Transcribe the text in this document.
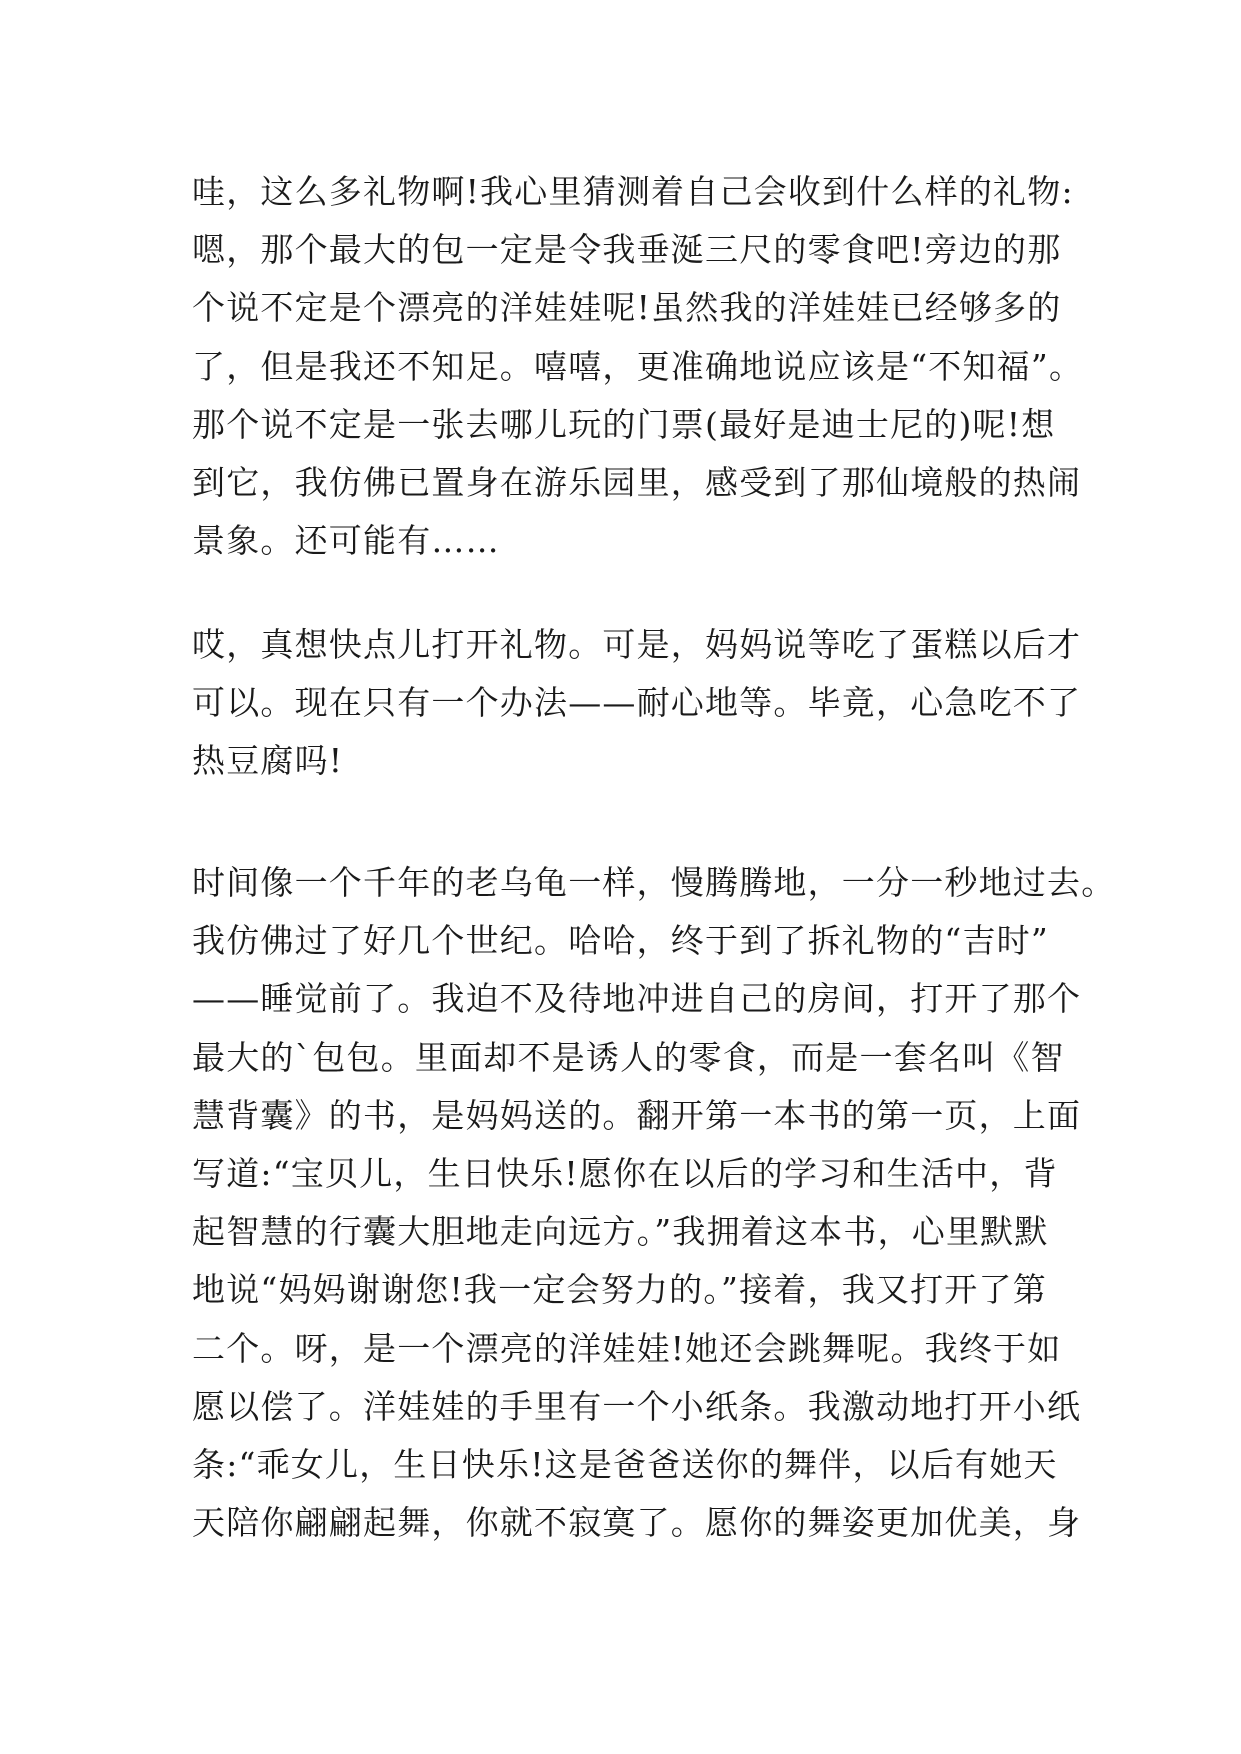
哇，这么多礼物啊!我心里猜测着自己会收到什么样的礼物:
嗯，那个最大的包一定是令我垂涎三尺的零食吧!旁边的那
个说不定是个漂亮的洋娃娃呢!虽然我的洋娃娃已经够多的
了，但是我还不知足。嘻嘻，更准确地说应该是“不知福”。
那个说不定是一张去哪儿玩的门票(最好是迪士尼的)呢!想
到它，我仿佛已置身在游乐园里，感受到了那仙境般的热闹
景象。还可能有……
哎，真想快点儿打开礼物。可是，妈妈说等吃了蛋糕以后才
可以。现在只有一个办法——耐心地等。毕竟，心急吃不了
热豆腐吗!
时间像一个千年的老乌龟一样，慢腾腾地，一分一秒地过去。
我仿佛过了好几个世纪。哈哈，终于到了拆礼物的“吉时”
——睡觉前了。我迫不及待地冲进自己的房间，打开了那个
最大的`包包。里面却不是诱人的零食，而是一套名叫《智
慧背囊》的书，是妈妈送的。翻开第一本书的第一页，上面
写道:“宝贝儿，生日快乐!愿你在以后的学习和生活中，背
起智慧的行囊大胆地走向远方。”我拥着这本书，心里默默
地说“妈妈谢谢您!我一定会努力的。”接着，我又打开了第
二个。呀，是一个漂亮的洋娃娃!她还会跳舞呢。我终于如
愿以偿了。洋娃娃的手里有一个小纸条。我激动地打开小纸
条:“乖女儿，生日快乐!这是爸爸送你的舞伴，以后有她天
天陪你翩翩起舞，你就不寂寞了。愿你的舞姿更加优美，身
